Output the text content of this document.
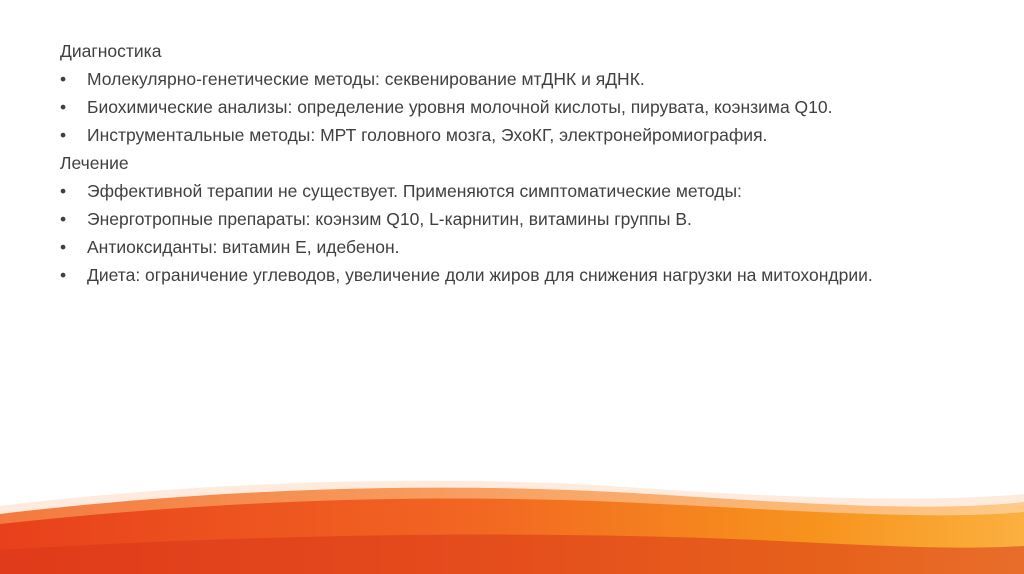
Диагностика
• Молекулярно-генетические методы: секвенирование мтДНК и яДНК.
• Биохимические анализы: определение уровня молочной кислоты, пирувата, коэнзима Q10.
• Инструментальные методы: МРТ головного мозга, ЭхоКГ, электронейромиография.
Лечение
• Эффективной терапии не существует. Применяются симптоматические методы:
• Энерготропные препараты: коэнзим Q10, L-карнитин, витамины группы В.
• Антиоксиданты: витамин Е, идебенон.
• Диета: ограничение углеводов, увеличение доли жиров для снижения нагрузки на митохондрии.
